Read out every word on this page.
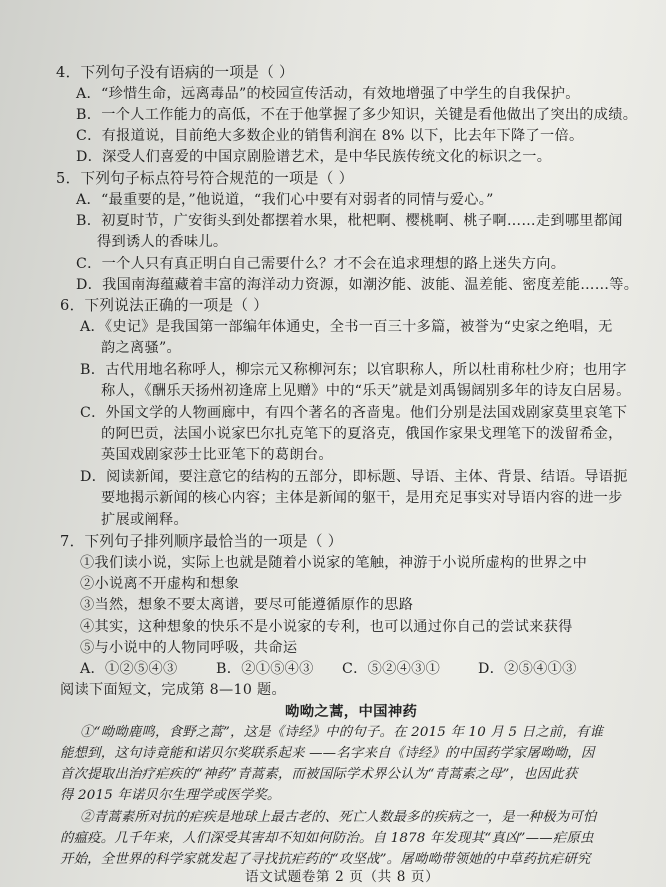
4．下列句子没有语病的一项是（ ）
A．“珍惜生命，远离毒品”的校园宣传活动，有效地增强了中学生的自我保护。
B．一个人工作能力的高低，不在于他掌握了多少知识，关键是看他做出了突出的成绩。
C．有报道说，目前绝大多数企业的销售利润在 8% 以下，比去年下降了一倍。
D．深受人们喜爱的中国京剧脸谱艺术，是中华民族传统文化的标识之一。
5．下列句子标点符号符合规范的一项是（ ）
A．“最重要的是，”他说道，“我们心中要有对弱者的同情与爱心。”
B．初夏时节，广安街头到处都摆着水果，枇杷啊、樱桃啊、桃子啊……走到哪里都闻
得到诱人的香味儿。
C．一个人只有真正明白自己需要什么？才不会在追求理想的路上迷失方向。
D．我国南海蕴藏着丰富的海洋动力资源，如潮汐能、波能、温差能、密度差能……等。
6．下列说法正确的一项是（ ）
A．《史记》是我国第一部编年体通史，全书一百三十多篇，被誉为“史家之绝唱，无
韵之离骚”。
B．古代用地名称呼人，柳宗元又称柳河东；以官职称人，所以杜甫称杜少府；也用字
称人，《酬乐天扬州初逢席上见赠》中的“乐天”就是刘禹锡阔别多年的诗友白居易。
C．外国文学的人物画廊中，有四个著名的吝啬鬼。他们分别是法国戏剧家莫里哀笔下
的阿巴贡，法国小说家巴尔扎克笔下的夏洛克，俄国作家果戈理笔下的泼留希金，
英国戏剧家莎士比亚笔下的葛朗台。
D．阅读新闻，要注意它的结构的五部分，即标题、导语、主体、背景、结语。导语扼
要地揭示新闻的核心内容；主体是新闻的躯干，是用充足事实对导语内容的进一步
扩展或阐释。
7．下列句子排列顺序最恰当的一项是（ ）
①我们读小说，实际上也就是随着小说家的笔触，神游于小说所虚构的世界之中
②小说离不开虚构和想象
③当然，想象不要太离谱，要尽可能遵循原作的思路
④其实，这种想象的快乐不是小说家的专利，也可以通过你自己的尝试来获得
⑤与小说中的人物同呼吸，共命运
A．①②⑤④③	B．②①⑤④③ C．⑤②④③①	D．②⑤④①③
阅读下面短文，完成第 8—10 题。
呦呦之蒿，中国神药
①“呦呦鹿鸣，食野之蒿”，这是《诗经》中的句子。在 2015 年 10 月 5 日之前，有谁
能想到，这句诗竟能和诺贝尔奖联系起来 ——名字来自《诗经》的中国药学家屠呦呦，因
首次提取出治疗疟疾的“神药”青蒿素，而被国际学术界公认为“青蒿素之母”，也因此获
得 2015 年诺贝尔生理学或医学奖。
②青蒿素所对抗的疟疾是地球上最古老的、死亡人数最多的疾病之一，是一种极为可怕
的瘟疫。几千年来，人们深受其害却不知如何防治。自 1878 年发现其“真凶”——疟原虫
开始，全世界的科学家就发起了寻找抗疟药的“攻坚战”。屠呦呦带领她的中草药抗疟研究
语文试题卷第 2 页（共 8 页）
